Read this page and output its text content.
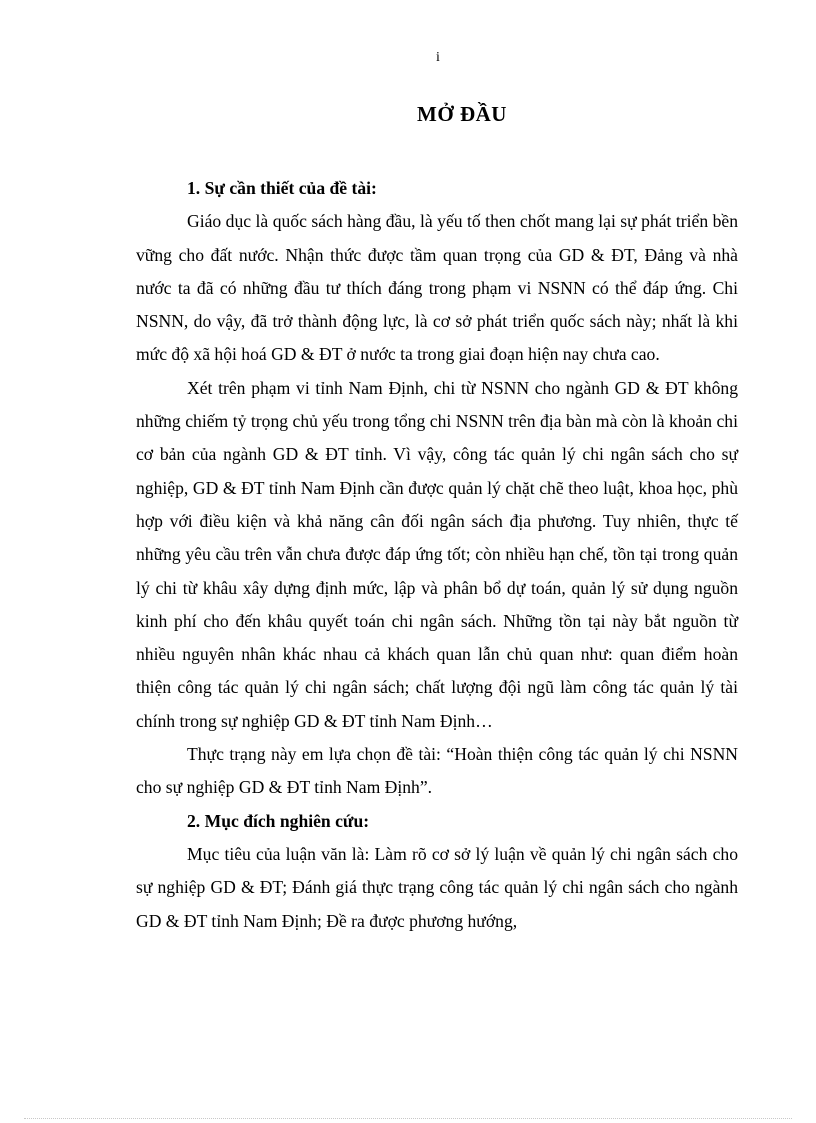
i
MỞ ĐẦU

1. Sự cần thiết của đề tài:

Giáo dục là quốc sách hàng đầu, là yếu tố then chốt mang lại sự phát triển bền vững cho đất nước. Nhận thức được tầm quan trọng của GD & ĐT, Đảng và nhà nước ta đã có những đầu tư thích đáng trong phạm vi NSNN có thể đáp ứng. Chi NSNN, do vậy, đã trở thành động lực, là cơ sở phát triển quốc sách này; nhất là khi mức độ xã hội hoá GD & ĐT ở nước ta trong giai đoạn hiện nay chưa cao.

Xét trên phạm vi tỉnh Nam Định, chi từ NSNN cho ngành GD & ĐT không những chiếm tỷ trọng chủ yếu trong tổng chi NSNN trên địa bàn mà còn là khoản chi cơ bản của ngành GD & ĐT tỉnh. Vì vậy, công tác quản lý chi ngân sách cho sự nghiệp, GD & ĐT tỉnh Nam Định cần được quản lý chặt chẽ theo luật, khoa học, phù hợp với điều kiện và khả năng cân đối ngân sách địa phương. Tuy nhiên, thực tế những yêu cầu trên vẫn chưa được đáp ứng tốt; còn nhiều hạn chế, tồn tại trong quản lý chi từ khâu xây dựng định mức, lập và phân bổ dự toán, quản lý sử dụng nguồn kinh phí cho đến khâu quyết toán chi ngân sách. Những tồn tại này bắt nguồn từ nhiều nguyên nhân khác nhau cả khách quan lẫn chủ quan như: quan điểm hoàn thiện công tác quản lý chi ngân sách; chất lượng đội ngũ làm công tác quản lý tài chính trong sự nghiệp GD & ĐT tỉnh Nam Định…

Thực trạng này em lựa chọn đề tài: “Hoàn thiện công tác quản lý chi NSNN cho sự nghiệp GD & ĐT tỉnh Nam Định”.

2. Mục đích nghiên cứu:

Mục tiêu của luận văn là: Làm rõ cơ sở lý luận về quản lý chi ngân sách cho sự nghiệp GD & ĐT; Đánh giá thực trạng công tác quản lý chi ngân sách cho ngành GD & ĐT tỉnh Nam Định; Đề ra được phương hướng,
